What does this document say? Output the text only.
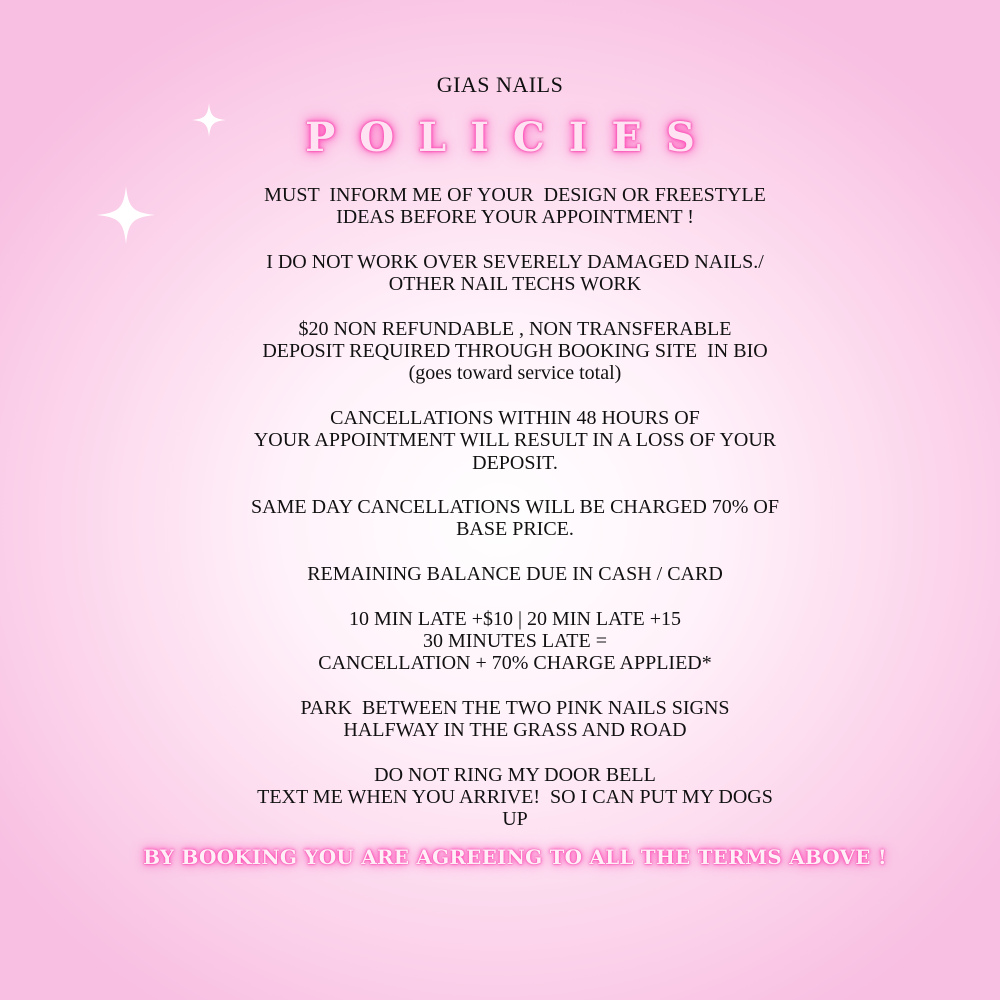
GIAS NAILS
POLICIES
MUST  INFORM ME OF YOUR  DESIGN OR FREESTYLE
IDEAS BEFORE YOUR APPOINTMENT !
I DO NOT WORK OVER SEVERELY DAMAGED NAILS./
OTHER NAIL TECHS WORK
$20 NON REFUNDABLE , NON TRANSFERABLE
DEPOSIT REQUIRED THROUGH BOOKING SITE  IN BIO
(goes toward service total)
CANCELLATIONS WITHIN 48 HOURS OF
YOUR APPOINTMENT WILL RESULT IN A LOSS OF YOUR
DEPOSIT.
SAME DAY CANCELLATIONS WILL BE CHARGED 70% OF
BASE PRICE.
REMAINING BALANCE DUE IN CASH / CARD
10 MIN LATE +$10 | 20 MIN LATE +15
30 MINUTES LATE =
CANCELLATION + 70% CHARGE APPLIED*
PARK  BETWEEN THE TWO PINK NAILS SIGNS
HALFWAY IN THE GRASS AND ROAD
DO NOT RING MY DOOR BELL
TEXT ME WHEN YOU ARRIVE!  SO I CAN PUT MY DOGS
UP
BY BOOKING YOU ARE AGREEING TO ALL THE TERMS ABOVE !
